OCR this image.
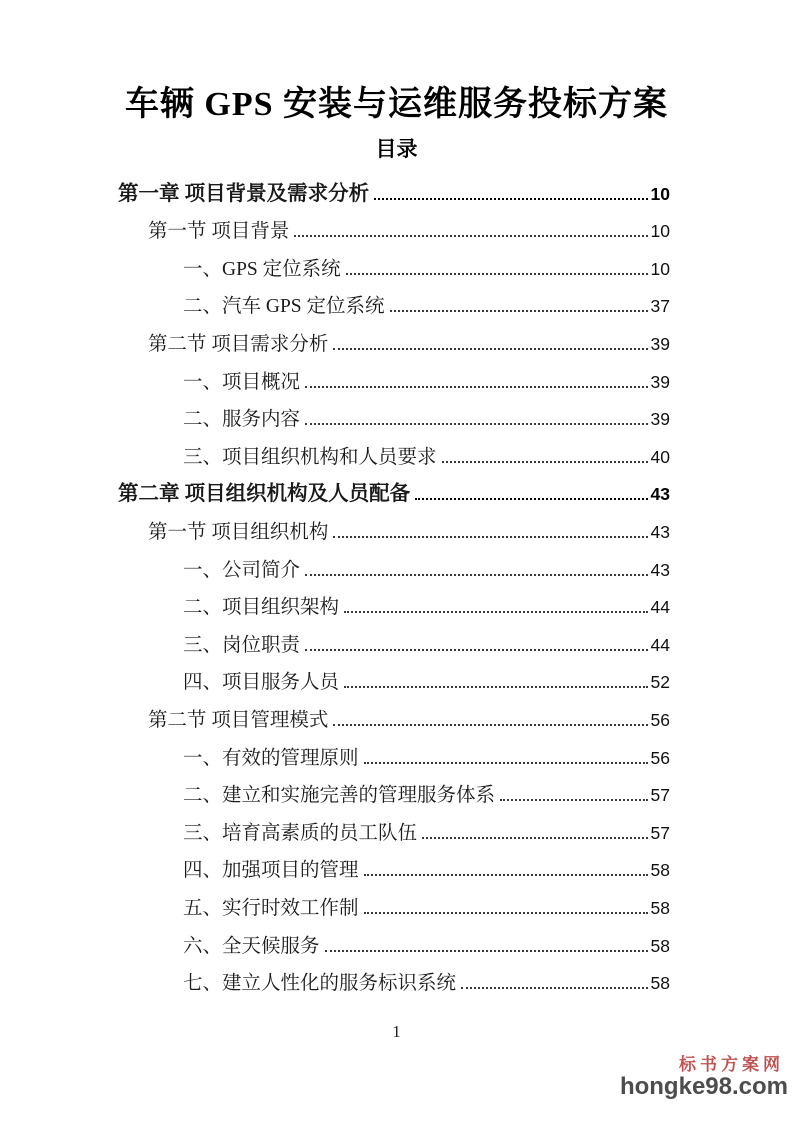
车辆 GPS 安装与运维服务投标方案
目录
第一章 项目背景及需求分析	10
第一节 项目背景	10
一、GPS 定位系统	10
二、汽车 GPS 定位系统	37
第二节 项目需求分析	39
一、项目概况	39
二、服务内容	39
三、项目组织机构和人员要求	40
第二章 项目组织机构及人员配备	43
第一节 项目组织机构	43
一、公司简介	43
二、项目组织架构	44
三、岗位职责	44
四、项目服务人员	52
第二节 项目管理模式	56
一、有效的管理原则	56
二、建立和实施完善的管理服务体系	57
三、培育高素质的员工队伍	57
四、加强项目的管理	58
五、实行时效工作制	58
六、全天候服务	58
七、建立人性化的服务标识系统	58
1
标书方案网
hongke98.com
